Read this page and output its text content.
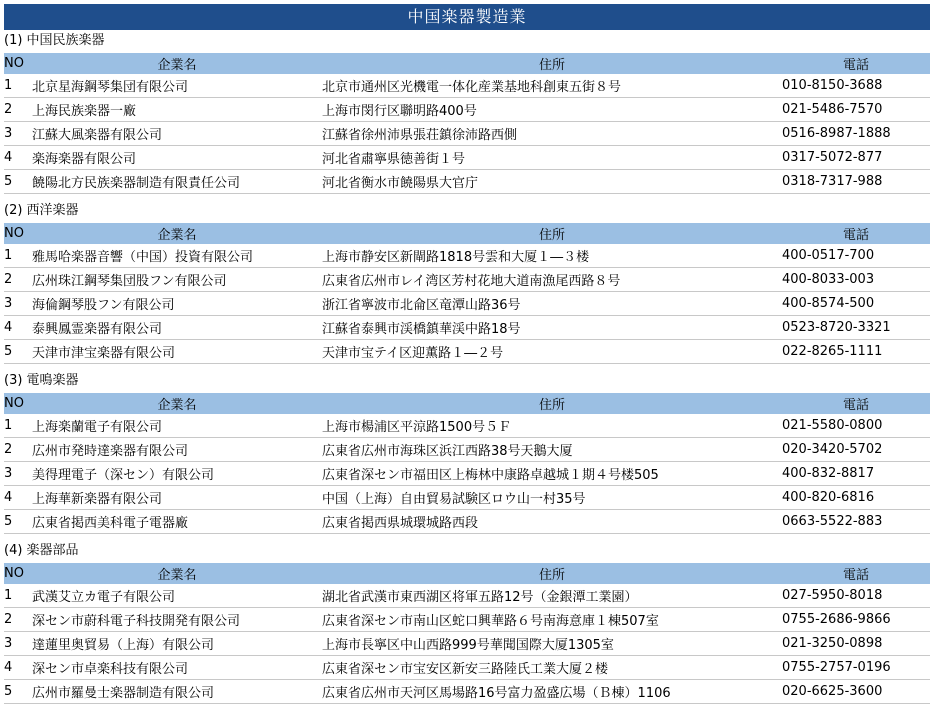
中国楽器製造業
(1) 中国民族楽器
NO	企業名	住所	電話
1	北京星海鋼琴集団有限公司	北京市通州区光機電一体化産業基地科創東五街８号	010-8150-3688
2	上海民族楽器一廠	上海市閔行区聯明路400号	021-5486-7570
3	江蘇大風楽器有限公司	江蘇省徐州沛県張荘鎮徐沛路西側	0516-8987-1888
4	楽海楽器有限公司	河北省肅寧県徳善街１号	0317-5072-877
5	饒陽北方民族楽器制造有限責任公司	河北省衡水市饒陽県大官庁	0318-7317-988
(2) 西洋楽器
NO	企業名	住所	電話
1	雅馬哈楽器音響（中国）投資有限公司	上海市静安区新閘路1818号雲和大厦１―３楼	400-0517-700
2	広州珠江鋼琴集団股フン有限公司	広東省広州市レイ湾区芳村花地大道南漁尾西路８号	400-8033-003
3	海倫鋼琴股フン有限公司	浙江省寧波市北侖区竜潭山路36号	400-8574-500
4	泰興鳳霊楽器有限公司	江蘇省泰興市渓橋鎮華渓中路18号	0523-8720-3321
5	天津市津宝楽器有限公司	天津市宝テイ区迎薫路１―２号	022-8265-1111
(3) 電鳴楽器
NO	企業名	住所	電話
1	上海楽蘭電子有限公司	上海市楊浦区平涼路1500号５Ｆ	021-5580-0800
2	広州市発時達楽器有限公司	広東省広州市海珠区浜江西路38号天鵝大厦	020-3420-5702
3	美得理電子（深セン）有限公司	広東省深セン市福田区上梅林中康路卓越城１期４号楼505	400-832-8817
4	上海華新楽器有限公司	中国（上海）自由貿易試験区ロウ山一村35号	400-820-6816
5	広東省掲西美科電子電器廠	広東省掲西県城環城路西段	0663-5522-883
(4) 楽器部品
NO	企業名	住所	電話
1	武漢艾立カ電子有限公司	湖北省武漢市東西湖区将軍五路12号（金銀潭工業園）	027-5950-8018
2	深セン市蔚科電子科技開発有限公司	広東省深セン市南山区蛇口興華路６号南海意庫１棟507室	0755-2686-9866
3	達蓮里奥貿易（上海）有限公司	上海市長寧区中山西路999号華聞国際大厦1305室	021-3250-0898
4	深セン市卓楽科技有限公司	広東省深セン市宝安区新安三路陸氏工業大厦２楼	0755-2757-0196
5	広州市羅曼士楽器制造有限公司	広東省広州市天河区馬場路16号富力盈盛広場（Ｂ棟）1106	020-6625-3600
